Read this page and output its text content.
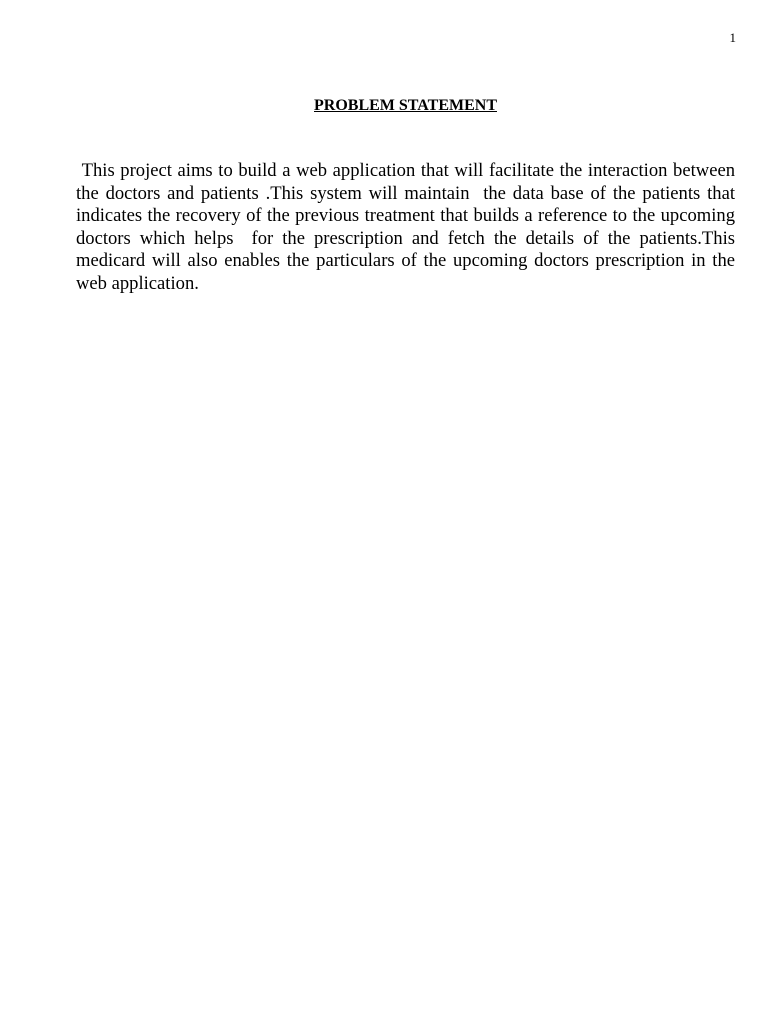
1
PROBLEM STATEMENT
This project aims to build a web application that will facilitate the interaction between the doctors and patients .This system will maintain  the data base of the patients that indicates the recovery of the previous treatment that builds a reference to the upcoming doctors which helps  for the prescription and fetch the details of the patients.This medicard will also enables the particulars of the upcoming doctors prescription in the web application.
